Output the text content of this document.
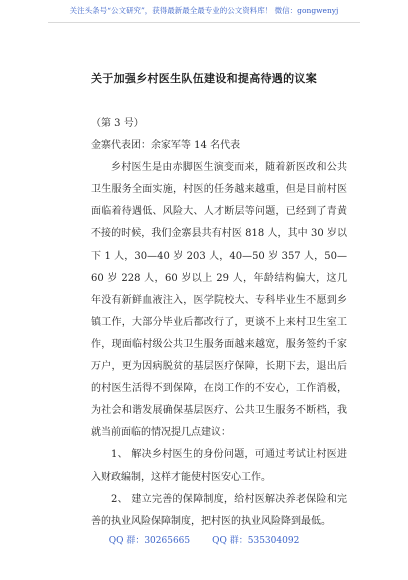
关注头条号“公文研究”，获得最新最全最专业的公文资料库！ 微信：gongwenyj
关于加强乡村医生队伍建设和提高待遇的议案

（第 3 号）

金寨代表团：余家军等 14 名代表

乡村医生是由赤脚医生演变而来，随着新医改和公共卫生服务全面实施，村医的任务越来越重，但是目前村医面临着待遇低、风险大、人才断层等问题，已经到了青黄不接的时候，我们金寨县共有村医 818 人，其中 30 岁以下 1 人，30—40 岁 203 人，40—50 岁 357 人，50—60 岁 228 人，60 岁以上 29 人，年龄结构偏大，这几年没有新鲜血液注入，医学院校大、专科毕业生不愿到乡镇工作，大部分毕业后都改行了，更谈不上来村卫生室工作，现面临村级公共卫生服务面越来越宽，服务签约千家万户，更为因病脱贫的基层医疗保障，长期下去，退出后的村医生活得不到保障，在岗工作的不安心，工作消极，为社会和谐发展确保基层医疗、公共卫生服务不断档，我就当前面临的情况提几点建议：

1、 解决乡村医生的身份问题，可通过考试让村医进入财政编制，这样才能使村医安心工作。

2、 建立完善的保障制度，给村医解决养老保险和完善的执业风险保障制度，把村医的执业风险降到最低。

QQ 群：30265665 QQ 群：535304092
